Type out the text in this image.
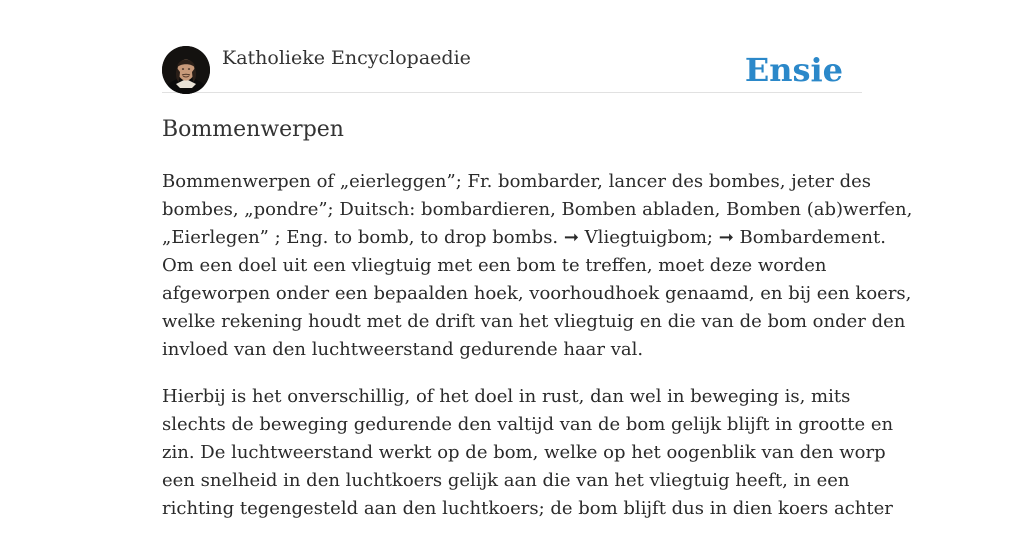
Katholieke Encyclopaedie	Ensie
Bommenwerpen

Bommenwerpen of „eierleggen”; Fr. bombarder, lancer des bombes, jeter des
bombes, „pondre”; Duitsch: bombardieren, Bomben abladen, Bomben (ab)werfen,
„Eierlegen” ; Eng. to bomb, to drop bombs. ➞ Vliegtuigbom; ➞ Bombardement.
Om een doel uit een vliegtuig met een bom te treffen, moet deze worden
afgeworpen onder een bepaalden hoek, voorhoudhoek genaamd, en bij een koers,
welke rekening houdt met de drift van het vliegtuig en die van de bom onder den
invloed van den luchtweerstand gedurende haar val.

Hierbij is het onverschillig, of het doel in rust, dan wel in beweging is, mits
slechts de beweging gedurende den valtijd van de bom gelijk blijft in grootte en
zin. De luchtweerstand werkt op de bom, welke op het oogenblik van den worp
een snelheid in den luchtkoers gelijk aan die van het vliegtuig heeft, in een
richting tegengesteld aan den luchtkoers; de bom blijft dus in dien koers achter
